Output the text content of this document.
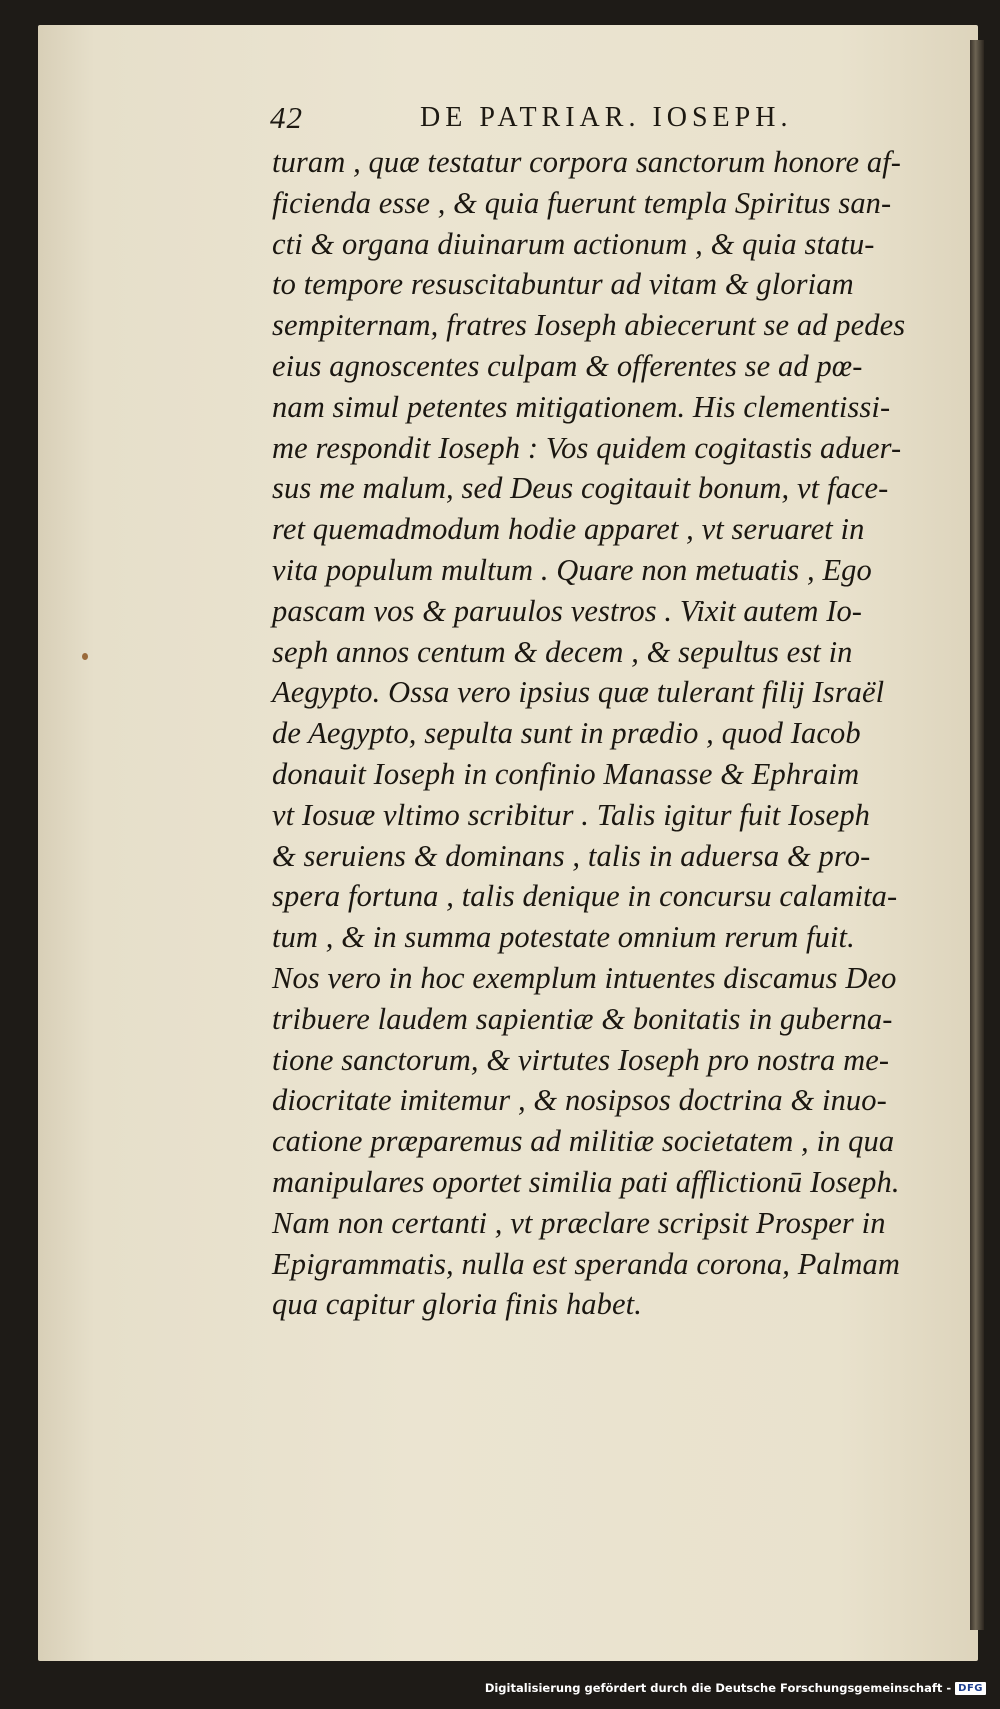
42	DE PATRIAR. IOSEPH.
turam , quæ testatur corpora sanctorum honore af-
ficienda esse , & quia fuerunt templa Spiritus san-
cti & organa diuinarum actionum , & quia statu-
to tempore resuscitabuntur ad vitam & gloriam
sempiternam, fratres Ioseph abiecerunt se ad pedes
eius agnoscentes culpam & offerentes se ad pœ-
nam simul petentes mitigationem. His clementissi-
me respondit Ioseph : Vos quidem cogitastis aduer-
sus me malum, sed Deus cogitauit bonum, vt face-
ret quemadmodum hodie apparet , vt seruaret in
vita populum multum . Quare non metuatis , Ego
pascam vos & paruulos vestros . Vixit autem Io-
seph annos centum & decem , & sepultus est in
Aegypto. Ossa vero ipsius quæ tulerant filij Israël
de Aegypto, sepulta sunt in prædio , quod Iacob
donauit Ioseph in confinio Manasse & Ephraim
vt Iosuæ vltimo scribitur . Talis igitur fuit Ioseph
& seruiens & dominans , talis in aduersa & pro-
spera fortuna , talis denique in concursu calamita-
tum , & in summa potestate omnium rerum fuit.
Nos vero in hoc exemplum intuentes discamus Deo
tribuere laudem sapientiæ & bonitatis in guberna-
tione sanctorum, & virtutes Ioseph pro nostra me-
diocritate imitemur , & nosipsos doctrina & inuo-
catione præparemus ad militiæ societatem , in qua
manipulares oportet similia pati afflictionū Ioseph.
Nam non certanti , vt præclare scripsit Prosper in
Epigrammatis, nulla est speranda corona, Palmam
qua capitur gloria finis habet.
Digitalisierung gefördert durch die Deutsche Forschungsgemeinschaft - DFG
